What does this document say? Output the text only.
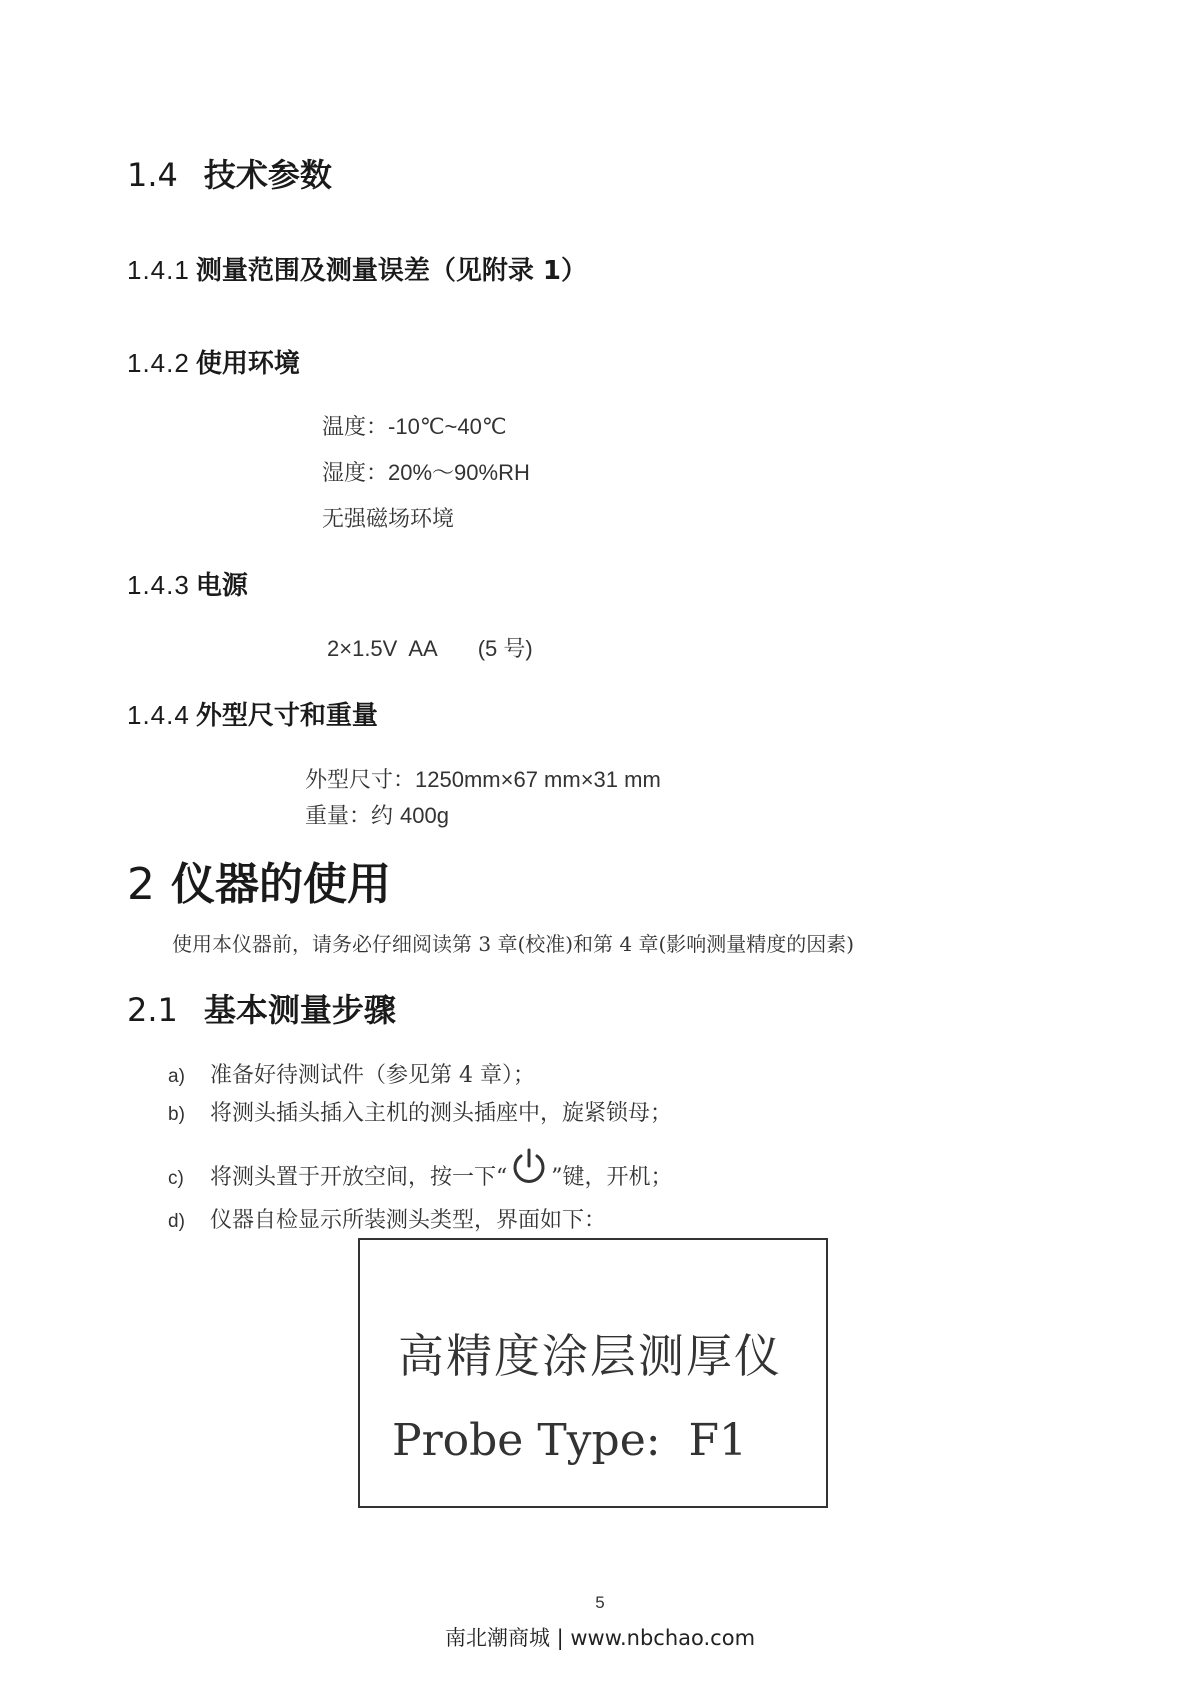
1.4 技术参数
1.4.1 测量范围及测量误差（见附录 1）
1.4.2 使用环境
温度：-10℃~40℃
湿度：20%～90%RH
无强磁场环境
1.4.3 电源
2×1.5V  AA (5 号)
1.4.4 外型尺寸和重量
外型尺寸：1250mm×67 mm×31 mm
重量：约 400g
2 仪器的使用
使用本仪器前，请务必仔细阅读第 3 章(校准)和第 4 章(影响测量精度的因素)
2.1 基本测量步骤
a) 准备好待测试件（参见第 4 章）；
b) 将测头插头插入主机的测头插座中，旋紧锁母；
c) 将测头置于开放空间，按一下“ ”键，开机；
d) 仪器自检显示所装测头类型，界面如下：
高精度涂层测厚仪
Probe Type:  F1
5
南北潮商城 | www.nbchao.com
